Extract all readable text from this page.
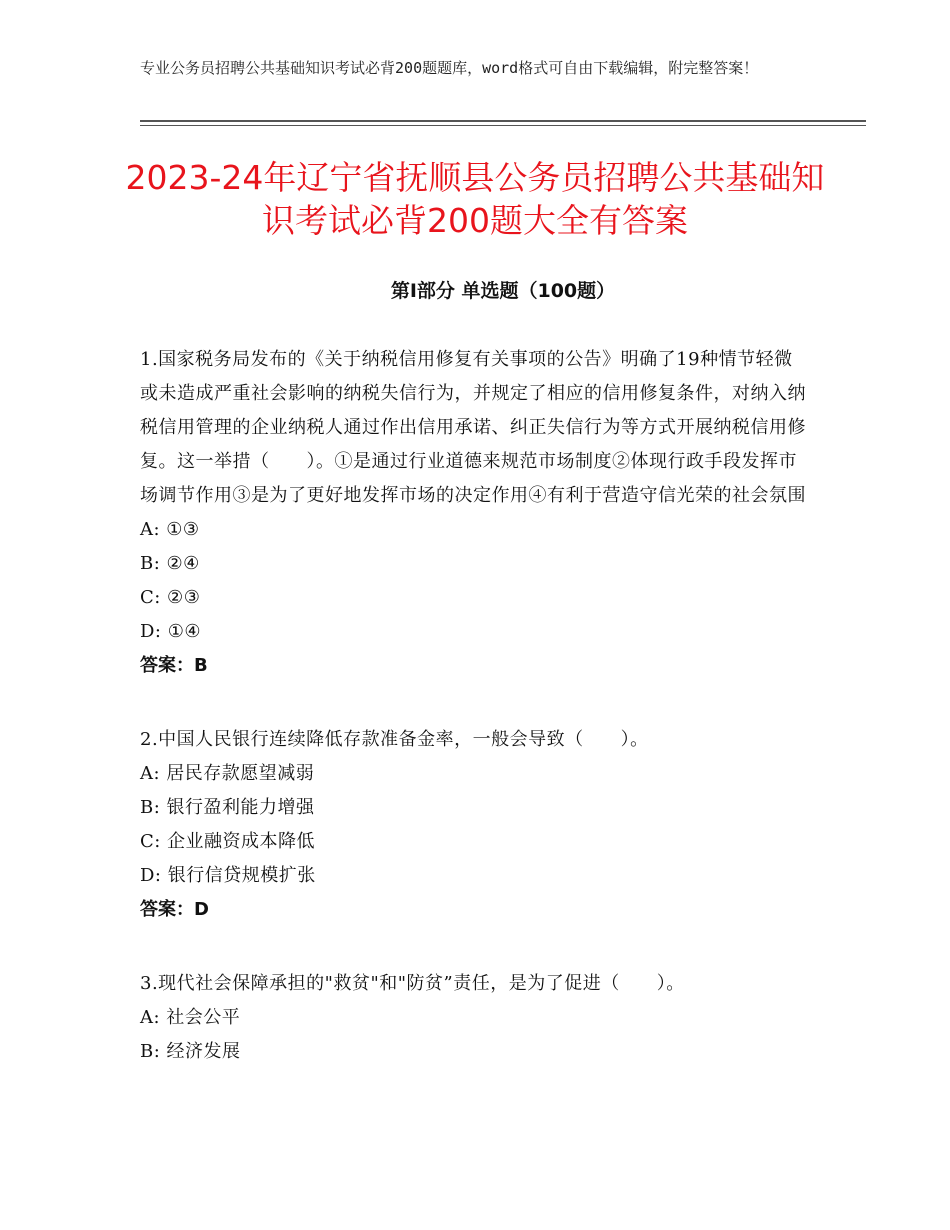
专业公务员招聘公共基础知识考试必背200题题库，word格式可自由下载编辑，附完整答案！
2023-24年辽宁省抚顺县公务员招聘公共基础知识考试必背200题大全有答案
第Ⅰ部分 单选题（100题）
1.国家税务局发布的《关于纳税信用修复有关事项的公告》明确了19种情节轻微或未造成严重社会影响的纳税失信行为，并规定了相应的信用修复条件，对纳入纳税信用管理的企业纳税人通过作出信用承诺、纠正失信行为等方式开展纳税信用修复。这一举措（　　）。①是通过行业道德来规范市场制度②体现行政手段发挥市场调节作用③是为了更好地发挥市场的决定作用④有利于营造守信光荣的社会氛围
A: ①③
B: ②④
C: ②③
D: ①④
答案：B
2.中国人民银行连续降低存款准备金率，一般会导致（　　）。
A: 居民存款愿望减弱
B: 银行盈利能力增强
C: 企业融资成本降低
D: 银行信贷规模扩张
答案：D
3.现代社会保障承担的"救贫"和"防贫”责任，是为了促进（　　）。
A: 社会公平
B: 经济发展
